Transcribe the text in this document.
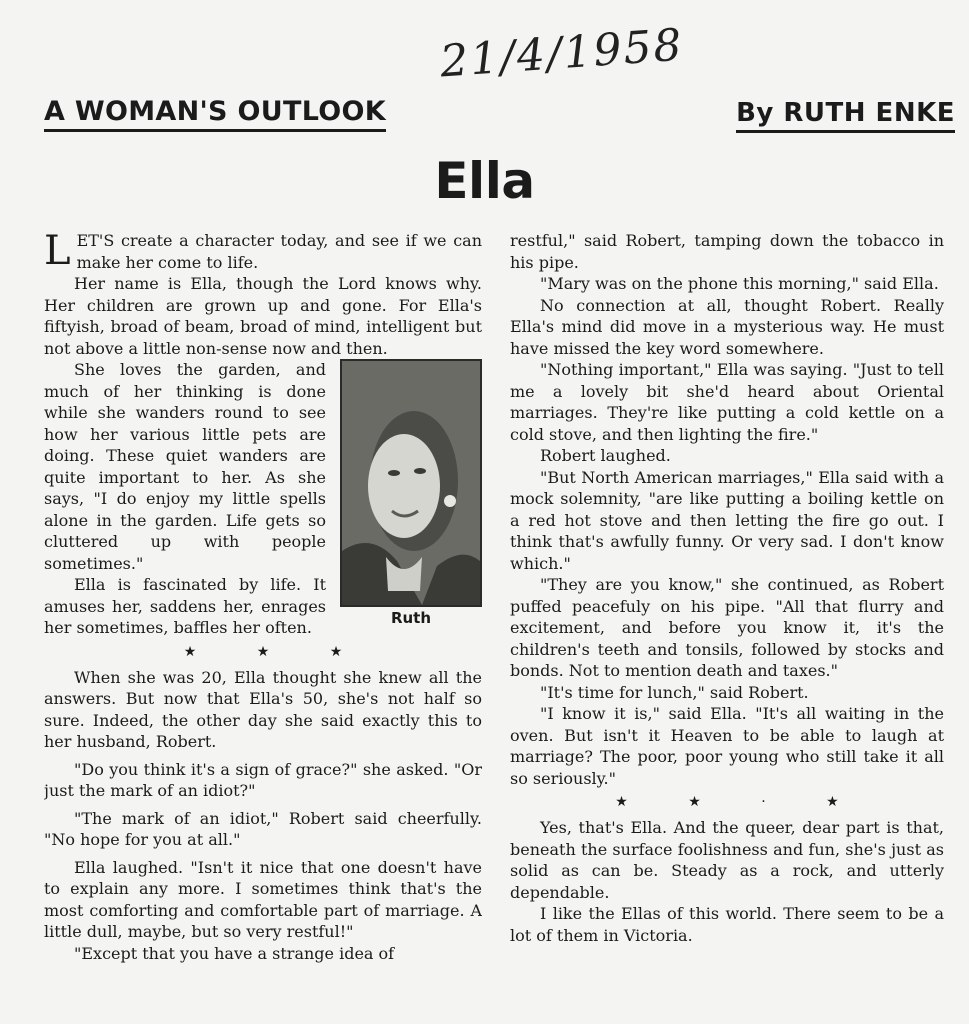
21/4/1958
A WOMAN'S OUTLOOK	By RUTH ENKE
Ella

LET'S create a character today, and see if we can make her come to life.

Her name is Ella, though the Lord knows why. Her children are grown up and gone. For Ella's fiftyish, broad of beam, broad of mind, intelligent but not above a little non-sense now and then.

Ruth

She loves the garden, and much of her thinking is done while she wanders round to see how her various little pets are doing. These quiet wanders are quite important to her. As she says, "I do enjoy my little spells alone in the garden. Life gets so cluttered up with people sometimes."

Ella is fascinated by life. It amuses her, saddens her, enrages her sometimes, baffles her often.

★ ★ ★

When she was 20, Ella thought she knew all the answers. But now that Ella's 50, she's not half so sure. Indeed, the other day she said exactly this to her husband, Robert.

"Do you think it's a sign of grace?" she asked. "Or just the mark of an idiot?"

"The mark of an idiot," Robert said cheerfully. "No hope for you at all."

Ella laughed. "Isn't it nice that one doesn't have to explain any more. I sometimes think that's the most comforting and comfortable part of marriage. A little dull, maybe, but so very restful!"

"Except that you have a strange idea of

restful," said Robert, tamping down the tobacco in his pipe.

"Mary was on the phone this morning," said Ella.

No connection at all, thought Robert. Really Ella's mind did move in a mysterious way. He must have missed the key word somewhere.

"Nothing important," Ella was saying. "Just to tell me a lovely bit she'd heard about Oriental marriages. They're like putting a cold kettle on a cold stove, and then lighting the fire."

Robert laughed.

"But North American marriages," Ella said with a mock solemnity, "are like putting a boiling kettle on a red hot stove and then letting the fire go out. I think that's awfully funny. Or very sad. I don't know which."

"They are you know," she continued, as Robert puffed peacefuly on his pipe. "All that flurry and excitement, and before you know it, it's the children's teeth and tonsils, followed by stocks and bonds. Not to mention death and taxes."

"It's time for lunch," said Robert.

"I know it is," said Ella. "It's all waiting in the oven. But isn't it Heaven to be able to laugh at marriage? The poor, poor young who still take it all so seriously."

★ ★ · ★

Yes, that's Ella. And the queer, dear part is that, beneath the surface foolishness and fun, she's just as solid as can be. Steady as a rock, and utterly dependable.

I like the Ellas of this world. There seem to be a lot of them in Victoria.
